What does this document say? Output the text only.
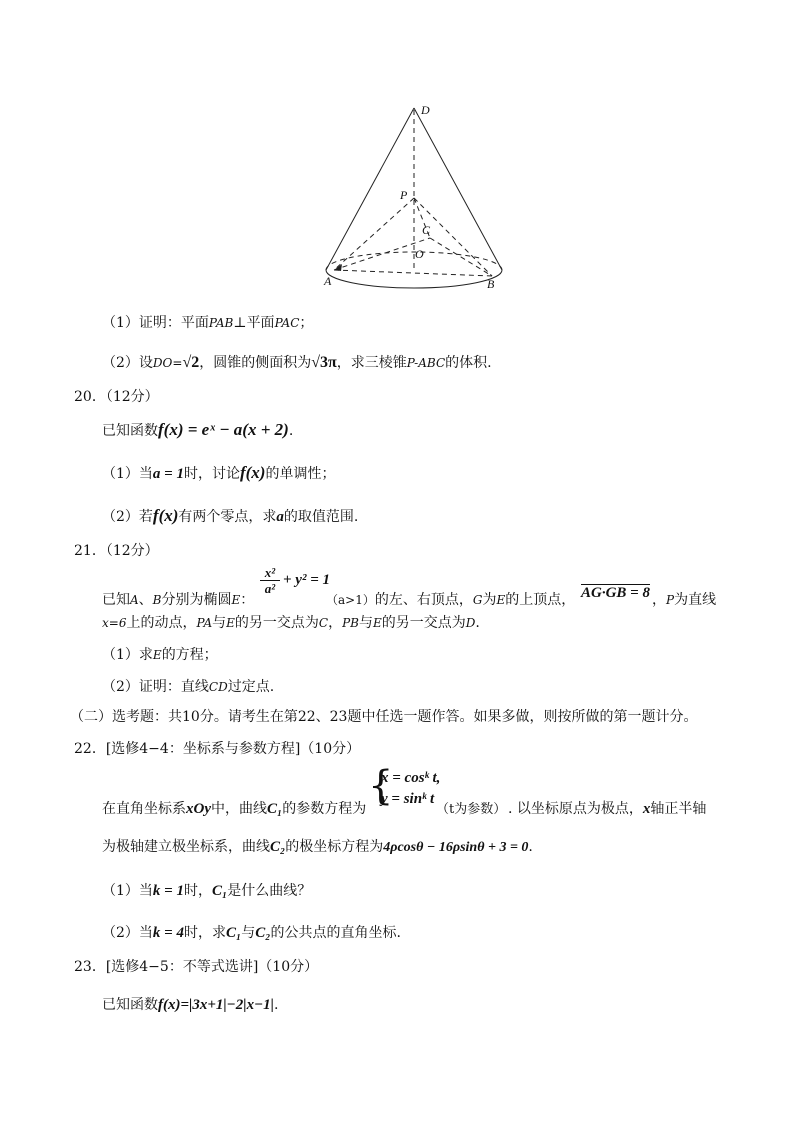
D
P
C
O
A	B
（1）证明：平面PAB⊥平面PAC；
（2）设DO=√2，圆锥的侧面积为√3π，求三棱锥P-ABC的体积.
20．（12分）
已知函数f(x) = eˣ − a(x + 2).
（1）当a = 1时，讨论f(x)的单调性；
（2）若f(x)有两个零点，求a的取值范围.
21．（12分）
$\frac{\text{x²}}{\text{a²}} + y^2 = 1$
已知A、B分别为椭圆E：	（a>1）的左、右顶点，G为E的上顶点， AG·GB = 8 ，P为直线
x=6上的动点，PA与E的另一交点为C，PB与E的另一交点为D.
（1）求E的方程；
（2）证明：直线CD过定点.
（二）选考题：共10分。请考生在第22、23题中任选一题作答。如果多做，则按所做的第一题计分。
22．[选修4−4：坐标系与参数方程]（10分）
{
x = cosᵏ t,
y = sinᵏ t
在直角坐标系xOy中，曲线C₁的参数方程为	（t为参数） . 以坐标原点为极点，x轴正半轴
为极轴建立极坐标系，曲线C₂的极坐标方程为4ρcosθ − 16ρsinθ + 3 = 0.
（1）当k = 1时，C₁是什么曲线？
（2）当k = 4时，求C₁与C₂的公共点的直角坐标.
23．[选修4−5：不等式选讲]（10分）
已知函数f(x)=|3x+1|−2|x−1|.
